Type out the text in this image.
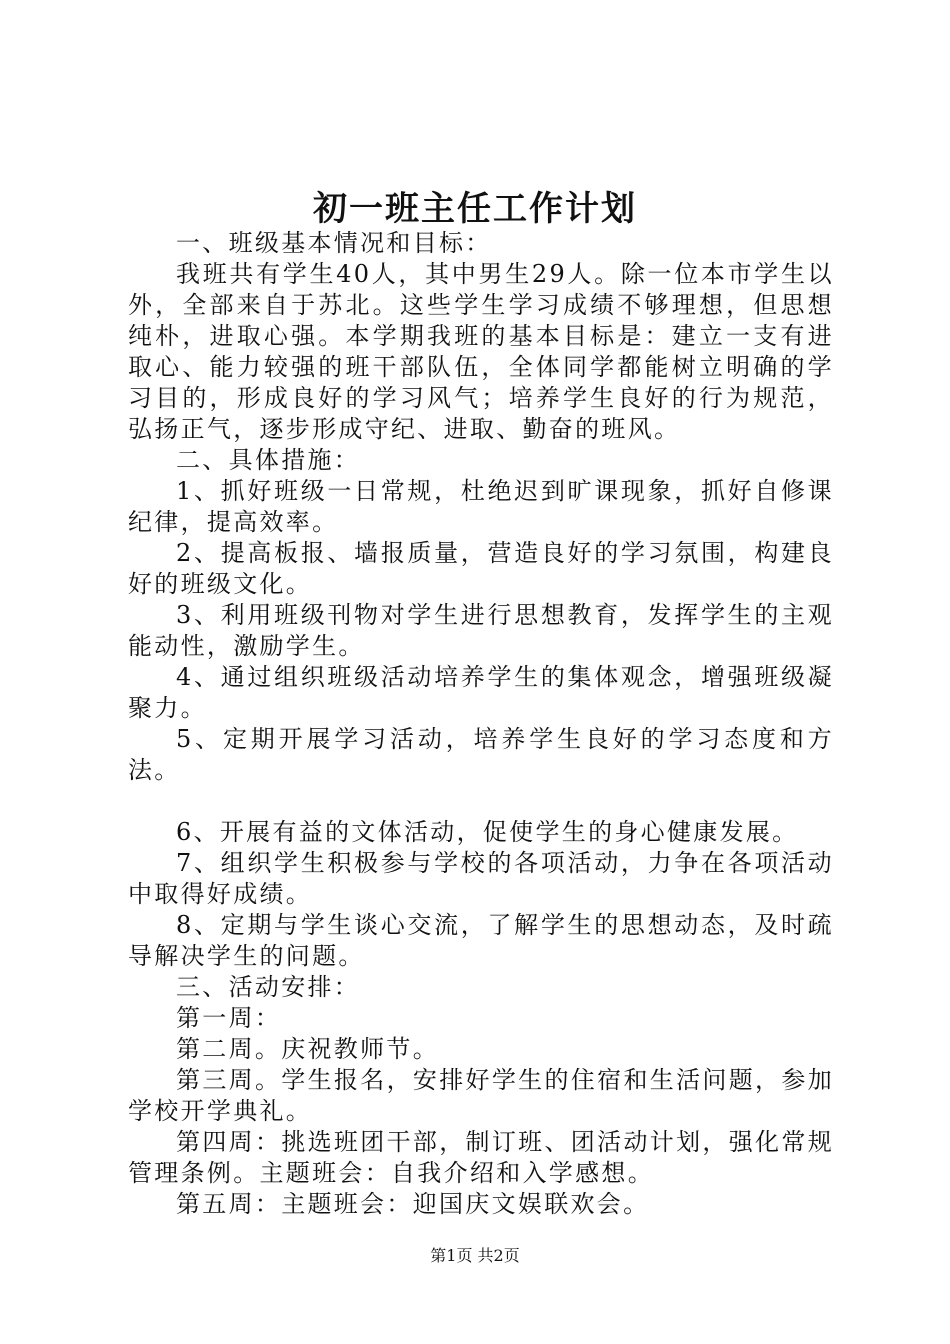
初一班主任工作计划

一、班级基本情况和目标：

我班共有学生40人，其中男生29人。除一位本市学生以外，全部来自于苏北。这些学生学习成绩不够理想，但思想纯朴，进取心强。本学期我班的基本目标是：建立一支有进取心、能力较强的班干部队伍，全体同学都能树立明确的学习目的，形成良好的学习风气；培养学生良好的行为规范，弘扬正气，逐步形成守纪、进取、勤奋的班风。

二、具体措施：

1、抓好班级一日常规，杜绝迟到旷课现象，抓好自修课纪律，提高效率。

2、提高板报、墙报质量，营造良好的学习氛围，构建良好的班级文化。

3、利用班级刊物对学生进行思想教育，发挥学生的主观能动性，激励学生。

4、通过组织班级活动培养学生的集体观念，增强班级凝聚力。

5、定期开展学习活动，培养学生良好的学习态度和方法。

6、开展有益的文体活动，促使学生的身心健康发展。

7、组织学生积极参与学校的各项活动，力争在各项活动中取得好成绩。

8、定期与学生谈心交流，了解学生的思想动态，及时疏导解决学生的问题。

三、活动安排：

第一周：

第二周。庆祝教师节。

第三周。学生报名，安排好学生的住宿和生活问题，参加学校开学典礼。

第四周：挑选班团干部，制订班、团活动计划，强化常规管理条例。主题班会：自我介绍和入学感想。

第五周：主题班会：迎国庆文娱联欢会。

第1页 共2页
